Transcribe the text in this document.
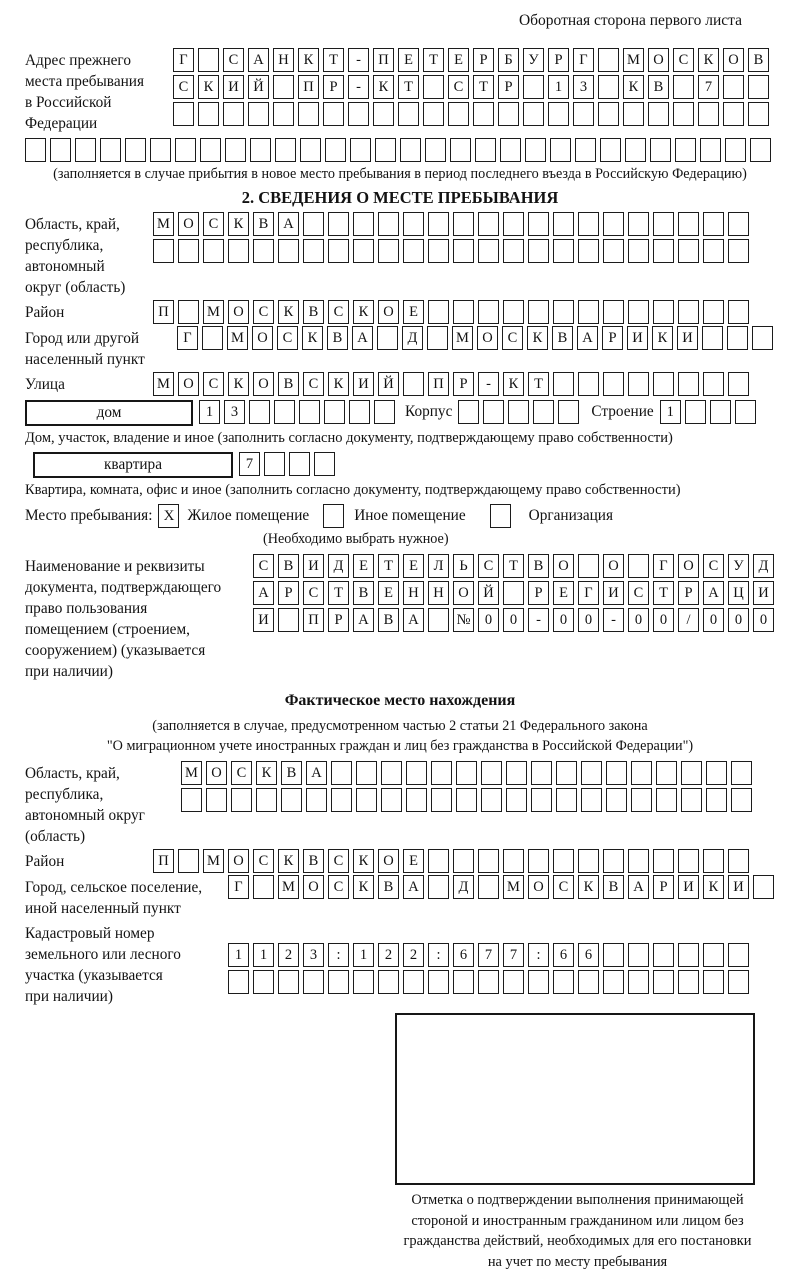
Оборотная сторона первого листа
Адрес прежнего
места пребывания
в Российской
Федерации
Г	С	А	Н	К	Т	-	П	Е	Т	Е	Р	Б	У	Р	Г	М О	С	К	О	В
С	К	И	Й	П	Р	-	К	Т	С	Т	Р	1	3	К	В	7
(заполняется в случае прибытия в новое место пребывания в период последнего въезда в Российскую Федерацию)
2. СВЕДЕНИЯ О МЕСТЕ ПРЕБЫВАНИЯ
Область, край,
республика,
автономный
округ (область)
М О	С	К	В	А
Район	П	М О	С	К	В	С	К	О	Е
Город или другой
населенный пункт
Г	М О	С	К	В	А	Д	М О	С	К	В	А	Р	И	К	И
Улица	М О	С	К	О	В	С	К	И	Й	П	Р	-	К	Т
дом	1	3	Корпус	Строение 1
Дом, участок, владение и иное (заполнить согласно документу, подтверждающему право собственности)
квартира	7
Квартира, комната, офис и иное (заполнить согласно документу, подтверждающему право собственности)
Место пребывания: X Жилое помещение	Иное помещение	Организация
(Необходимо выбрать нужное)
Наименование и реквизиты
документа, подтверждающего
право пользования
помещением (строением,
сооружением) (указывается
при наличии)
С	В	И	Д	Е	Т	Е	Л	Ь	С	Т	В	О	О	Г	О	С	У	Д
А	Р	С	Т	В	Е	Н	Н	О	Й	Р	Е	Г	И	С	Т	Р	А	Ц	И
И	П	Р	А	В	А	№ 0	0	-	0	0	-	0	0	/	0	0	0
Фактическое место нахождения
(заполняется в случае, предусмотренном частью 2 статьи 21 Федерального закона
"О миграционном учете иностранных граждан и лиц без гражданства в Российской Федерации")
Область, край,
республика,
автономный округ
(область)
М О	С	К	В	А
Район	П	М О	С	К	В	С	К	О	Е
Город, сельское поселение,
иной населенный пункт
Г	М О	С	К	В	А	Д	М О	С	К	В	А	Р	И	К	И
Кадастровый номер
земельного или лесного
участка (указывается
при наличии)
1	1	2	3	:	1	2	2	:	6	7	7	:	6	6
Отметка о подтверждении выполнения принимающей
стороной и иностранным гражданином или лицом без
гражданства действий, необходимых для его постановки
на учет по месту пребывания
